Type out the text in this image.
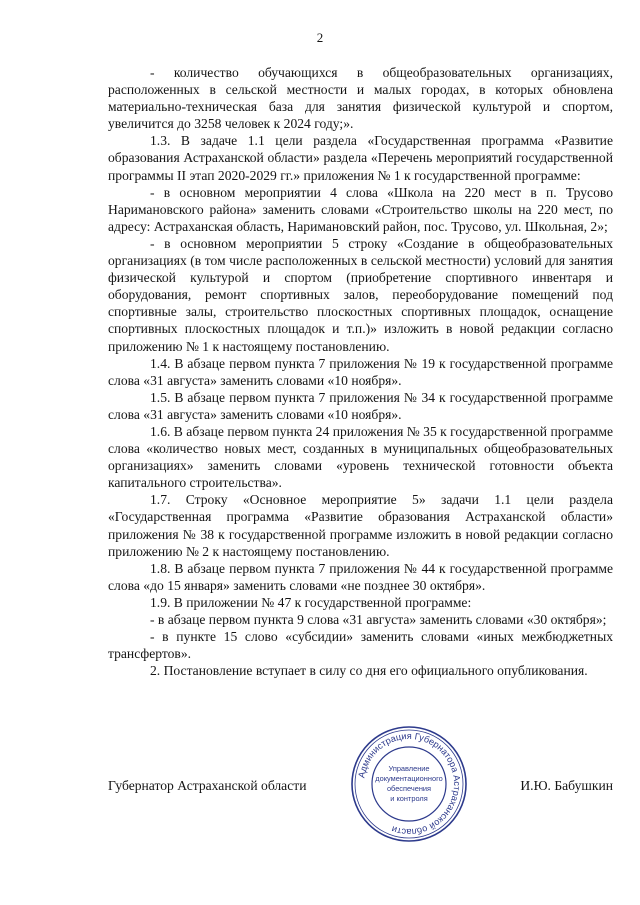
2

- количество обучающихся в общеобразовательных организациях, расположенных в сельской местности и малых городах, в которых обновлена материально-техническая база для занятия физической культурой и спортом, увеличится до 3258 человек к 2024 году;».

1.3. В задаче 1.1 цели раздела «Государственная программа «Развитие образования Астраханской области» раздела «Перечень мероприятий государственной программы II этап 2020-2029 гг.» приложения № 1 к государственной программе:

- в основном мероприятии 4 слова «Школа на 220 мест в п. Трусово Наримановского района» заменить словами «Строительство школы на 220 мест, по адресу: Астраханская область, Наримановский район, пос. Трусово, ул. Школьная, 2»;

- в основном мероприятии 5 строку «Создание в общеобразовательных организациях (в том числе расположенных в сельской местности) условий для занятия физической культурой и спортом (приобретение спортивного инвентаря и оборудования, ремонт спортивных залов, переоборудование помещений под спортивные залы, строительство плоскостных спортивных площадок, оснащение спортивных плоскостных площадок и т.п.)» изложить в новой редакции согласно приложению № 1 к настоящему постановлению.

1.4. В абзаце первом пункта 7 приложения № 19 к государственной программе слова «31 августа» заменить словами «10 ноября».

1.5. В абзаце первом пункта 7 приложения № 34 к государственной программе слова «31 августа» заменить словами «10 ноября».

1.6. В абзаце первом пункта 24 приложения № 35 к государственной программе слова «количество новых мест, созданных в муниципальных общеобразовательных организациях» заменить словами «уровень технической готовности объекта капитального строительства».

1.7. Строку «Основное мероприятие 5» задачи 1.1 цели раздела «Государственная программа «Развитие образования Астраханской области» приложения № 38 к государственной программе изложить в новой редакции согласно приложению № 2 к настоящему постановлению.

1.8. В абзаце первом пункта 7 приложения № 44 к государственной программе слова «до 15 января» заменить словами «не позднее 30 октября».

1.9. В приложении № 47 к государственной программе:

- в абзаце первом пункта 9 слова «31 августа» заменить словами «30 октября»;

- в пункте 15 слово «субсидии» заменить словами «иных межбюджетных трансфертов».

2. Постановление вступает в силу со дня его официального опубликования.

Губернатор Астраханской области
Администрация Губернатора Астраханской области
Управление
документационного
обеспечения
и контроля
И.Ю. Бабушкин
